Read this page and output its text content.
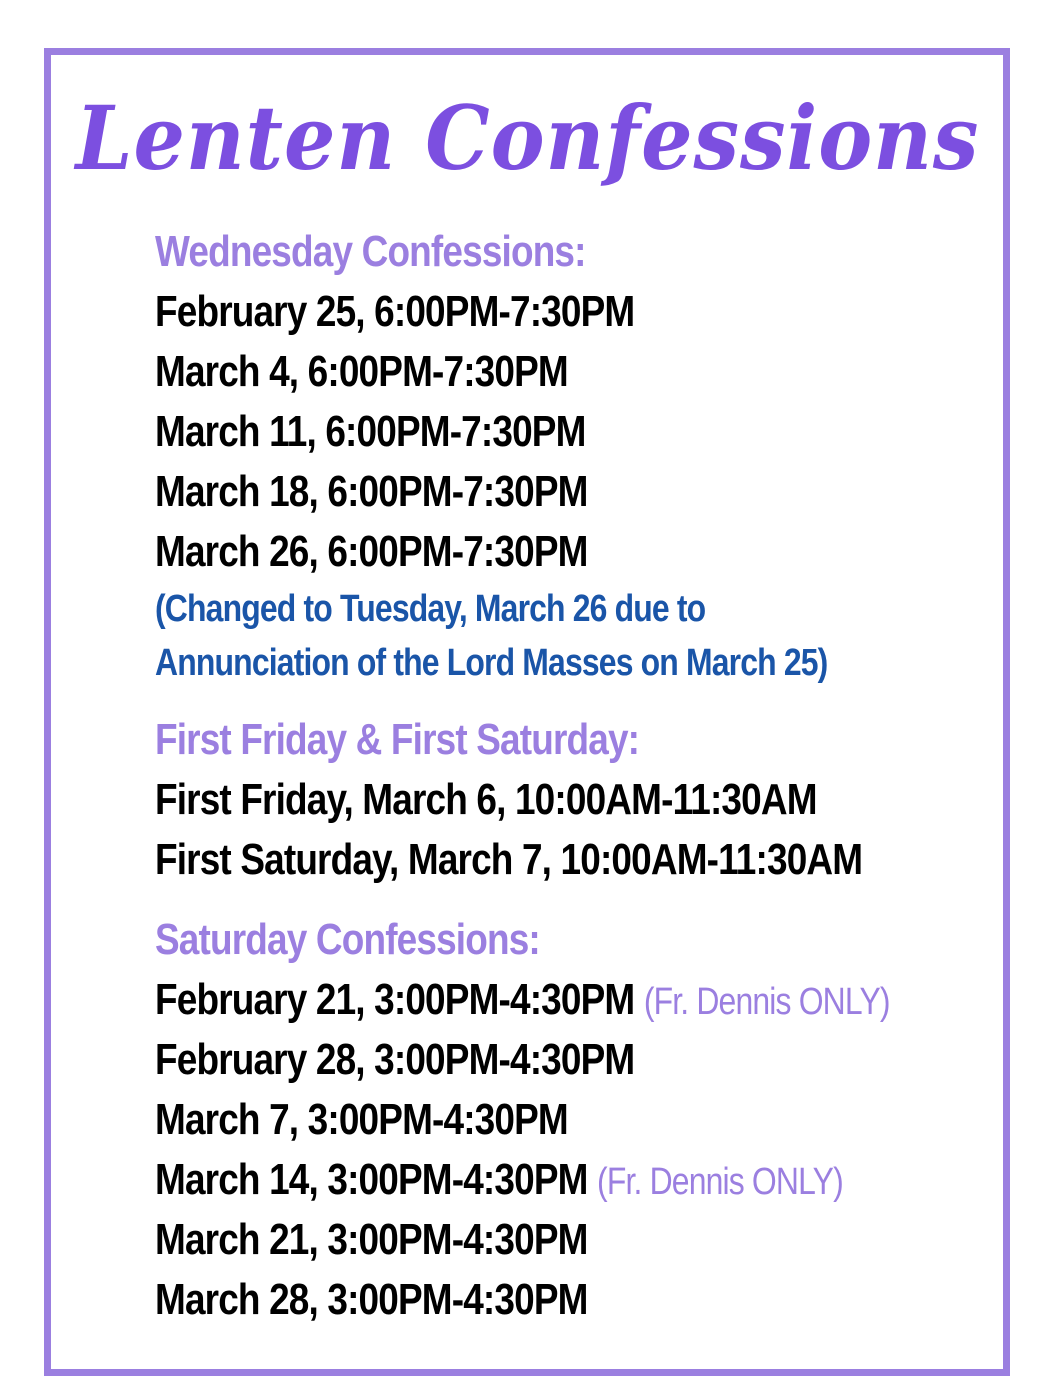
Lenten Confessions
Wednesday Confessions:
February 25, 6:00PM-7:30PM
March 4, 6:00PM-7:30PM
March 11, 6:00PM-7:30PM
March 18, 6:00PM-7:30PM
March 26, 6:00PM-7:30PM
(Changed to Tuesday, March 26 due to
Annunciation of the Lord Masses on March 25)
First Friday & First Saturday:
First Friday, March 6, 10:00AM-11:30AM
First Saturday, March 7, 10:00AM-11:30AM
Saturday Confessions:
February 21, 3:00PM-4:30PM (Fr. Dennis ONLY)
February 28, 3:00PM-4:30PM
March 7, 3:00PM-4:30PM
March 14, 3:00PM-4:30PM (Fr. Dennis ONLY)
March 21, 3:00PM-4:30PM
March 28, 3:00PM-4:30PM
